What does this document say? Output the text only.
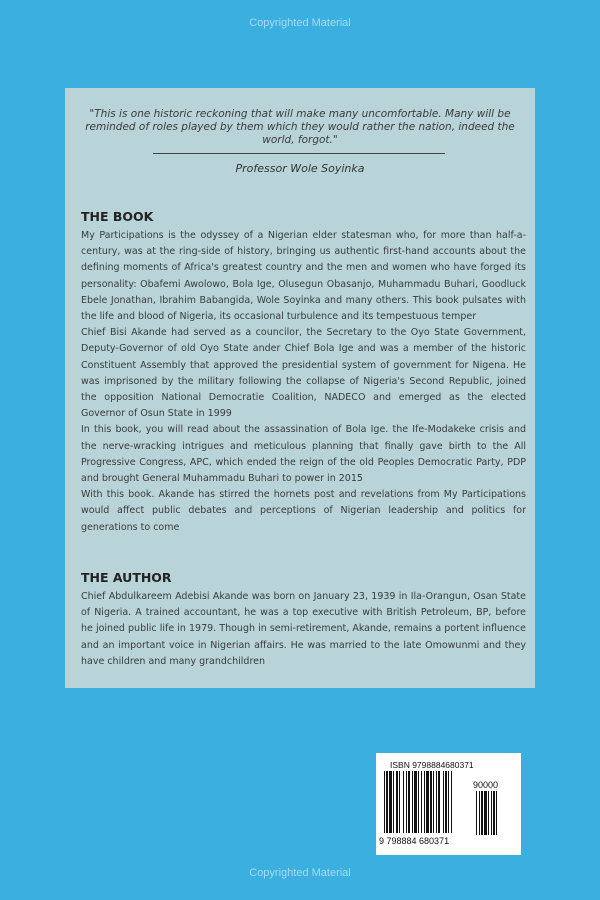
Copyrighted Material
"This is one historic reckoning that will make many uncomfortable. Many will be reminded of roles played by them which they would rather the nation, indeed the world, forgot."
Professor Wole Soyinka
THE BOOK

My Participations is the odyssey of a Nigerian elder statesman who, for more than half-a-century, was at the ring-side of history, bringing us authentic first-hand accounts about the defining moments of Africa's greatest country and the men and women who have forged its personality: Obafemi Awolowo, Bola Ige, Olusegun Obasanjo, Muhammadu Buhari, Goodluck Ebele Jonathan, Ibrahim Babangida, Wole Soyinka and many others. This book pulsates with the life and blood of Nigeria, its occasional turbulence and its tempestuous temper

Chief Bisi Akande had served as a councilor, the Secretary to the Oyo State Government, Deputy-Governor of old Oyo State ander Chief Bola Ige and was a member of the historic Constituent Assembly that approved the presidential system of government for Nigena. He was imprisoned by the military following the collapse of Nigeria's Second Republic, joined the opposition National Democratie Coalition, NADECO and emerged as the elected Governor of Osun State in 1999

In this book, you will read about the assassination of Bola Ige. the Ife-Modakeke crisis and the nerve-wracking intrigues and meticulous planning that finally gave birth to the All Progressive Congress, APC, which ended the reign of the old Peoples Democratic Party, PDP and brought General Muhammadu Buhari to power in 2015

With this book. Akande has stirred the hornets post and revelations from My Participations would affect public debates and perceptions of Nigerian leadership and politics for generations to come

THE AUTHOR

Chief Abdulkareem Adebisi Akande was born on January 23, 1939 in Ila-Orangun, Osan State of Nigeria. A trained accountant, he was a top executive with British Petroleum, BP, before he joined public life in 1979. Though in semi-retirement, Akande, remains a portent influence and an important voice in Nigerian affairs. He was married to the late Omowunmi and they have children and many grandchildren

ISBN 9798884680371
90000
9 798884 680371
Copyrighted Material
